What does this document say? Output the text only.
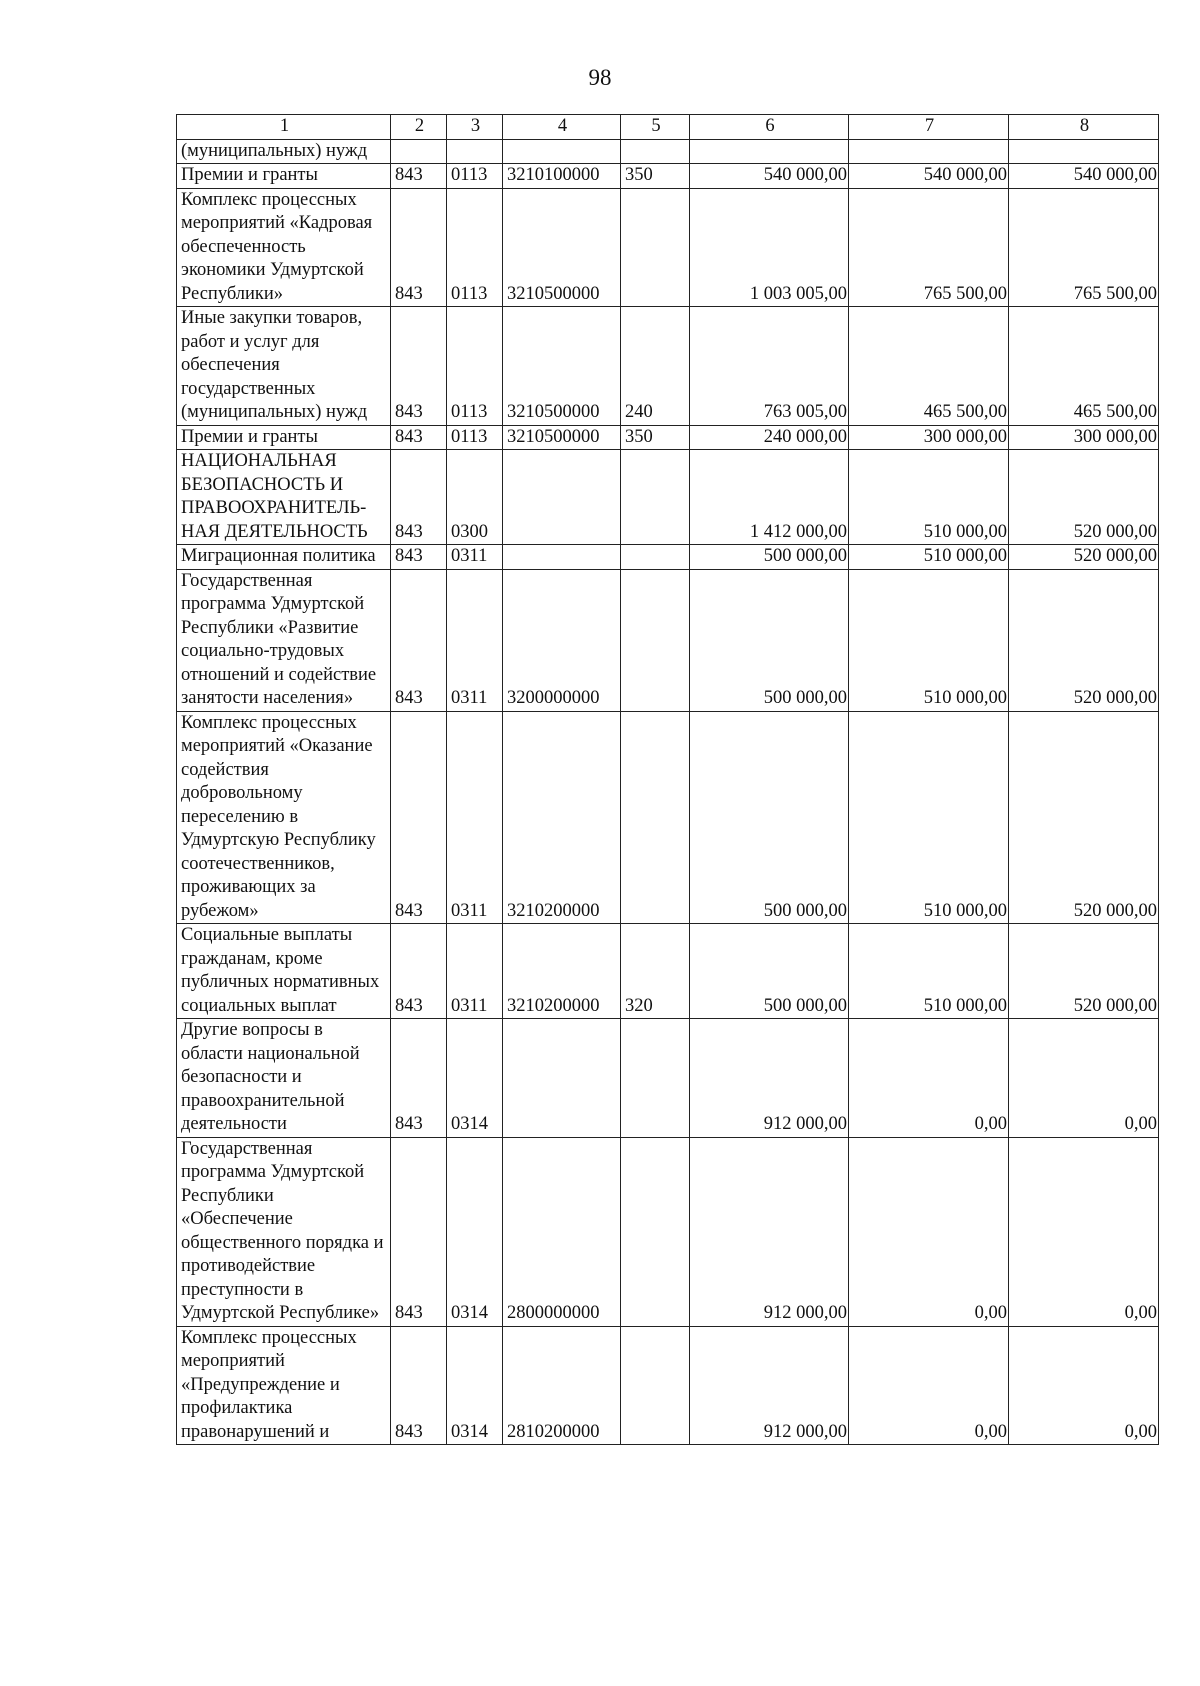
98
1	2	3	4	5	6	7	8
(муниципальных) нужд							
Премии и гранты	843	0113	3210100000	350	540 000,00	540 000,00	540 000,00
Комплекс процессных мероприятий «Кадровая обеспеченность экономики Удмуртской Республики»	843	0113	3210500000		1 003 005,00	765 500,00	765 500,00
Иные закупки товаров, работ и услуг для обеспечения государственных (муниципальных) нужд	843	0113	3210500000	240	763 005,00	465 500,00	465 500,00
Премии и гранты	843	0113	3210500000	350	240 000,00	300 000,00	300 000,00
НАЦИОНАЛЬНАЯ БЕЗОПАСНОСТЬ И ПРАВООХРАНИТЕЛЬ-НАЯ ДЕЯТЕЛЬНОСТЬ	843	0300			1 412 000,00	510 000,00	520 000,00
Миграционная политика	843	0311			500 000,00	510 000,00	520 000,00
Государственная программа Удмуртской Республики «Развитие социально-трудовых отношений и содействие занятости населения»	843	0311	3200000000		500 000,00	510 000,00	520 000,00
Комплекс процессных мероприятий «Оказание содействия добровольному переселению в Удмуртскую Республику соотечественников, проживающих за рубежом»	843	0311	3210200000		500 000,00	510 000,00	520 000,00
Социальные выплаты гражданам, кроме публичных нормативных социальных выплат	843	0311	3210200000	320	500 000,00	510 000,00	520 000,00
Другие вопросы в области национальной безопасности и правоохранительной деятельности	843	0314			912 000,00	0,00	0,00
Государственная программа Удмуртской Республики «Обеспечение общественного порядка и противодействие преступности в Удмуртской Республике»	843	0314	2800000000		912 000,00	0,00	0,00
Комплекс процессных мероприятий «Предупреждение и профилактика правонарушений и	843	0314	2810200000		912 000,00	0,00	0,00
